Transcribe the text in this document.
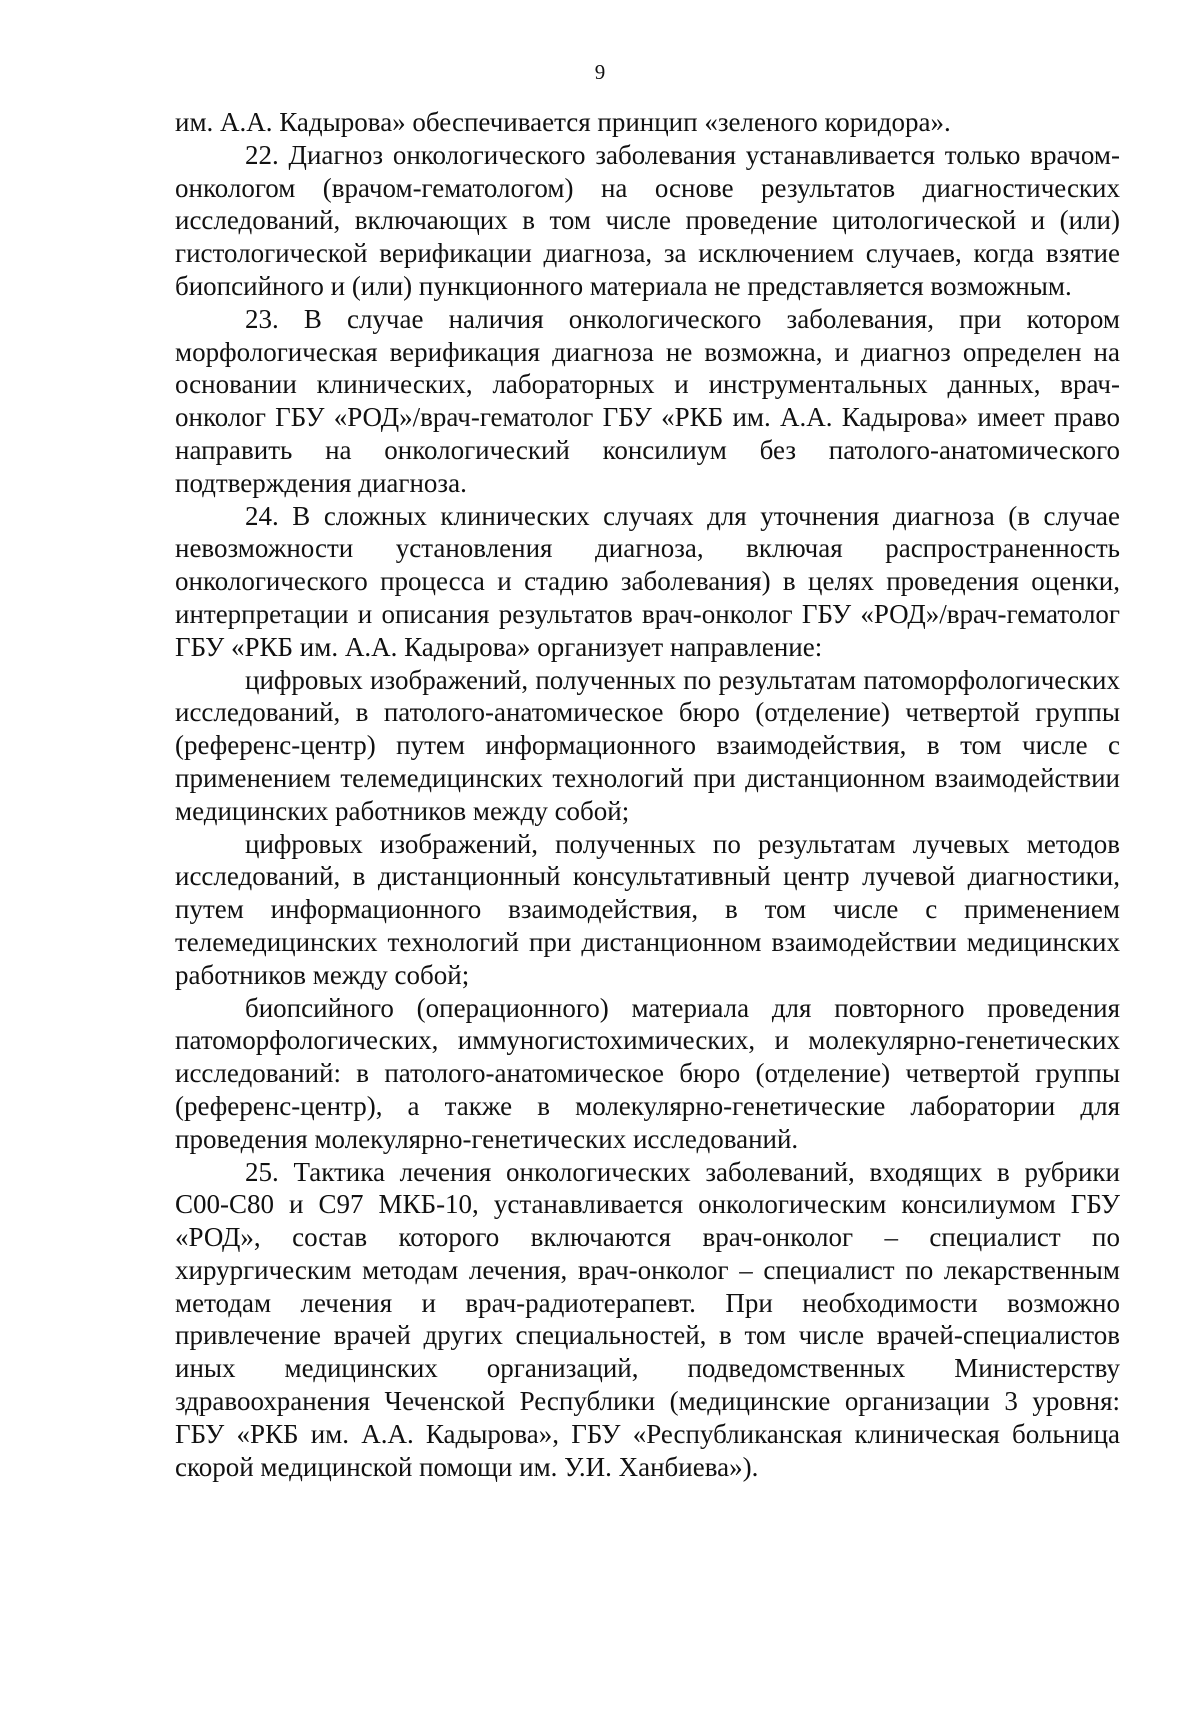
9

им. А.А. Кадырова» обеспечивается принцип «зеленого коридора».

22. Диагноз онкологического заболевания устанавливается только врачом-онкологом (врачом-гематологом) на основе результатов диагностических исследований, включающих в том числе проведение цитологической и (или) гистологической верификации диагноза, за исключением случаев, когда взятие биопсийного и (или) пункционного материала не представляется возможным.

23. В случае наличия онкологического заболевания, при котором морфологическая верификация диагноза не возможна, и диагноз определен на основании клинических, лабораторных и инструментальных данных, врач-онколог ГБУ «РОД»/врач-гематолог ГБУ «РКБ им. А.А. Кадырова» имеет право направить на онкологический консилиум без патолого-анатомического подтверждения диагноза.

24. В сложных клинических случаях для уточнения диагноза (в случае невозможности установления диагноза, включая распространенность онкологического процесса и стадию заболевания) в целях проведения оценки, интерпретации и описания результатов врач-онколог ГБУ «РОД»/врач-гематолог ГБУ «РКБ им. А.А. Кадырова» организует направление:

цифровых изображений, полученных по результатам патоморфологических исследований, в патолого-анатомическое бюро (отделение) четвертой группы (референс-центр) путем информационного взаимодействия, в том числе с применением телемедицинских технологий при дистанционном взаимодействии медицинских работников между собой;

цифровых изображений, полученных по результатам лучевых методов исследований, в дистанционный консультативный центр лучевой диагностики, путем информационного взаимодействия, в том числе с применением телемедицинских технологий при дистанционном взаимодействии медицинских работников между собой;

биопсийного (операционного) материала для повторного проведения патоморфологических, иммуногистохимических, и молекулярно-генетических исследований: в патолого-анатомическое бюро (отделение) четвертой группы (референс-центр), а также в молекулярно-генетические лаборатории для проведения молекулярно-генетических исследований.

25. Тактика лечения онкологических заболеваний, входящих в рубрики С00-С80 и С97 МКБ-10, устанавливается онкологическим консилиумом ГБУ «РОД», состав которого включаются врач-онколог – специалист по хирургическим методам лечения, врач-онколог – специалист по лекарственным методам лечения и врач-радиотерапевт. При необходимости возможно привлечение врачей других специальностей, в том числе врачей-специалистов иных медицинских организаций, подведомственных Министерству здравоохранения Чеченской Республики (медицинские организации 3 уровня: ГБУ «РКБ им. А.А. Кадырова», ГБУ «Республиканская клиническая больница скорой медицинской помощи им. У.И. Ханбиева»).
